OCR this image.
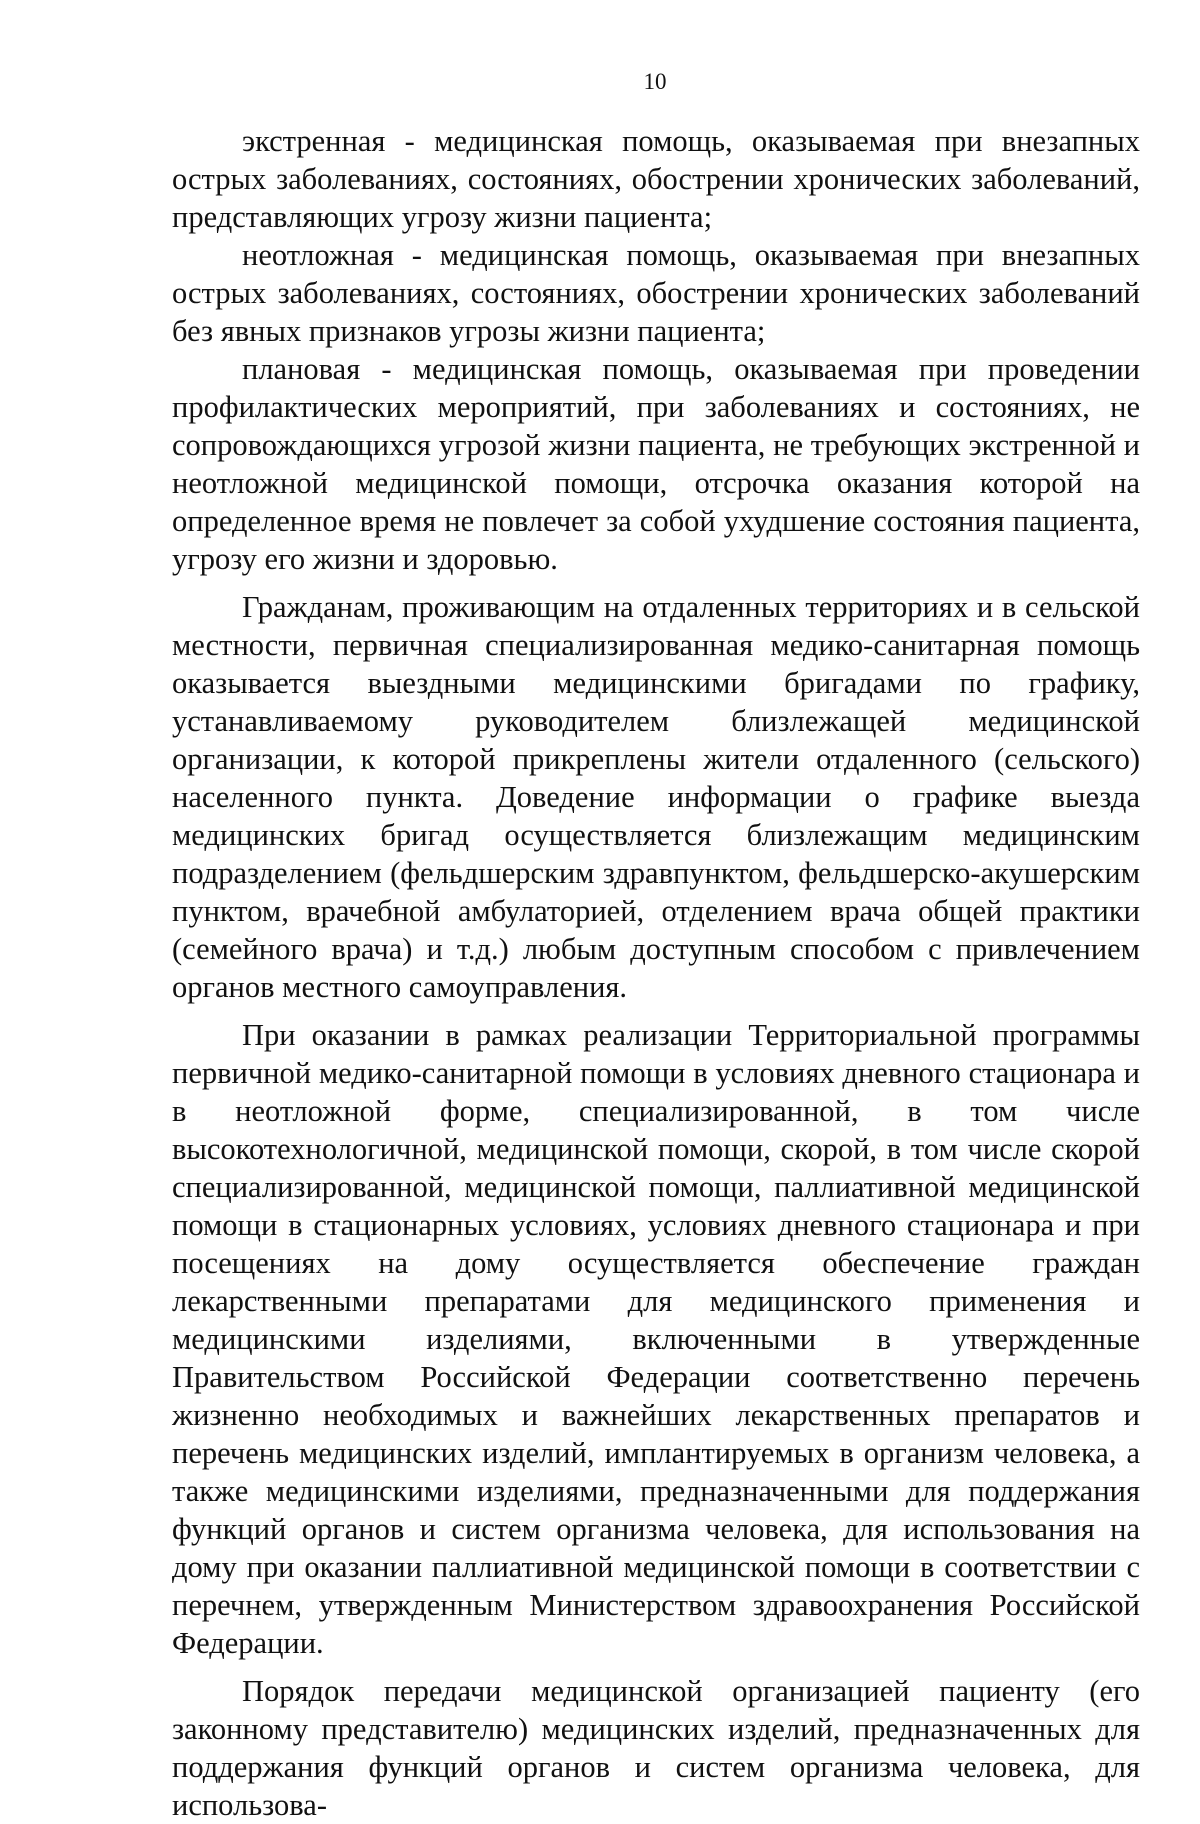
10

экстренная - медицинская помощь, оказываемая при внезапных острых заболеваниях, состояниях, обострении хронических заболеваний, представляющих угрозу жизни пациента;

неотложная - медицинская помощь, оказываемая при внезапных острых заболеваниях, состояниях, обострении хронических заболеваний без явных признаков угрозы жизни пациента;

плановая - медицинская помощь, оказываемая при проведении профилактических мероприятий, при заболеваниях и состояниях, не сопровождающихся угрозой жизни пациента, не требующих экстренной и неотложной медицинской помощи, отсрочка оказания которой на определенное время не повлечет за собой ухудшение состояния пациента, угрозу его жизни и здоровью.

Гражданам, проживающим на отдаленных территориях и в сельской местности, первичная специализированная медико-санитарная помощь оказывается выездными медицинскими бригадами по графику, устанавливаемому руководителем близлежащей медицинской организации, к которой прикреплены жители отдаленного (сельского) населенного пункта. Доведение информации о графике выезда медицинских бригад осуществляется близлежащим медицинским подразделением (фельдшерским здравпунктом, фельдшерско-акушерским пунктом, врачебной амбулаторией, отделением врача общей практики (семейного врача) и т.д.) любым доступным способом с привлечением органов местного самоуправления.

При оказании в рамках реализации Территориальной программы первичной медико-санитарной помощи в условиях дневного стационара и в неотложной форме, специализированной, в том числе высокотехнологичной, медицинской помощи, скорой, в том числе скорой специализированной, медицинской помощи, паллиативной медицинской помощи в стационарных условиях, условиях дневного стационара и при посещениях на дому осуществляется обеспечение граждан лекарственными препаратами для медицинского применения и медицинскими изделиями, включенными в утвержденные Правительством Российской Федерации соответственно перечень жизненно необходимых и важнейших лекарственных препаратов и перечень медицинских изделий, имплантируемых в организм человека, а также медицинскими изделиями, предназначенными для поддержания функций органов и систем организма человека, для использования на дому при оказании паллиативной медицинской помощи в соответствии с перечнем, утвержденным Министерством здравоохранения Российской Федерации.

Порядок передачи медицинской организацией пациенту (его законному представителю) медицинских изделий, предназначенных для поддержания функций органов и систем организма человека, для использова-
